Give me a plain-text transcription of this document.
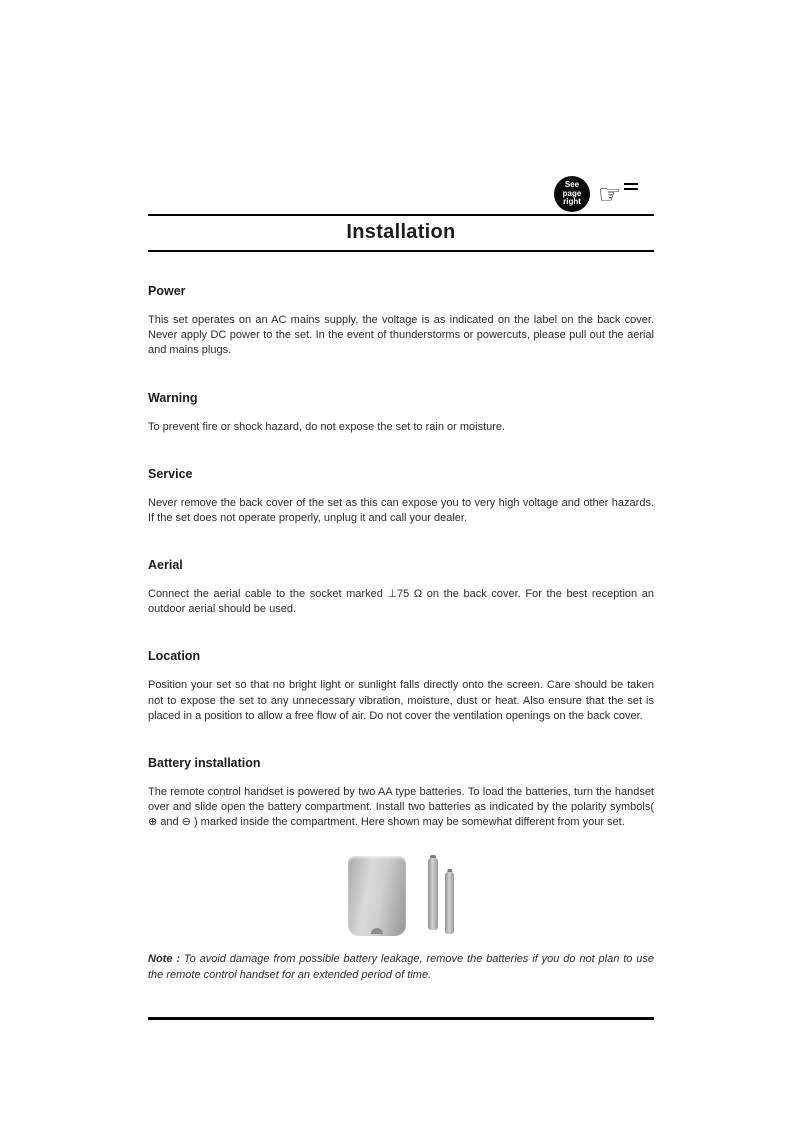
See
page
right ☞
Installation
Power

This set operates on an AC mains supply, the voltage is as indicated on the label on the back cover. Never apply DC power to the set. In the event of thunderstorms or powercuts, please pull out the aerial and mains plugs.

Warning

To prevent fire or shock hazard, do not expose the set to rain or moisture.

Service

Never remove the back cover of the set as this can expose you to very high voltage and other hazards. If the set does not operate properly, unplug it and call your dealer.

Aerial

Connect the aerial cable to the socket marked ⊥75 Ω on the back cover. For the best reception an outdoor aerial should be used.

Location

Position your set so that no bright light or sunlight falls directly onto the screen. Care should be taken not to expose the set to any unnecessary vibration, moisture, dust or heat. Also ensure that the set is placed in a position to allow a free flow of air. Do not cover the ventilation openings on the back cover.

Battery installation

The remote control handset is powered by two AA type batteries. To load the batteries, turn the handset over and slide open the battery compartment. Install two batteries as indicated by the polarity symbols( ⊕ and ⊖ ) marked inside the compartment. Here shown may be somewhat different from your set.

Note : To avoid damage from possible battery leakage, remove the batteries if you do not plan to use the remote control handset for an extended period of time.
